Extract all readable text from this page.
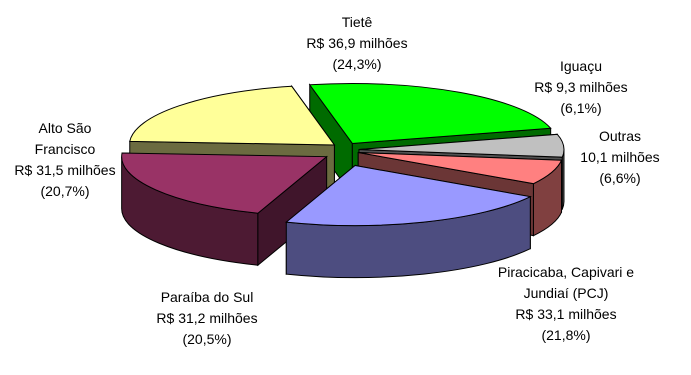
Tietê
R$ 36,9 milhões
(24,3%)	Iguaçu
R$ 9,3 milhões
(6,1%)
Outras
10,1 milhões
(6,6%)
Piracicaba, Capivari e
Jundiaí (PCJ)
R$ 33,1 milhões
(21,8%)
Paraíba do Sul
R$ 31,2 milhões
(20,5%)
Alto São
Francisco
R$ 31,5 milhões
(20,7%)
